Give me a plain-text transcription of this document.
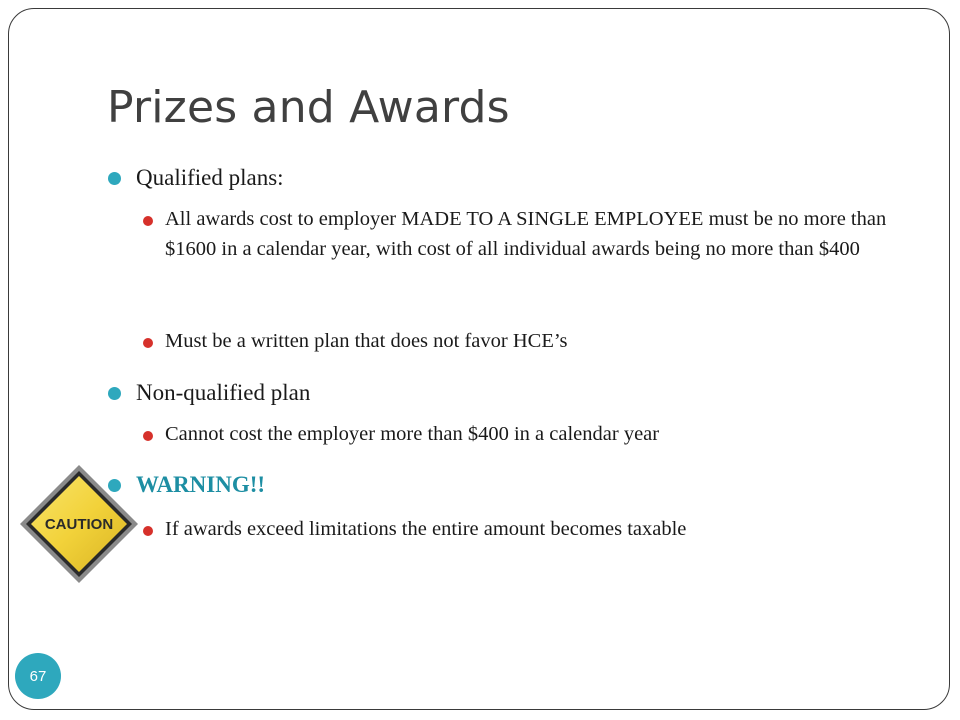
Prizes and Awards
Qualified plans:
All awards cost to employer MADE TO A SINGLE EMPLOYEE must be no more than $1600 in a calendar year, with cost of all individual awards being no more than $400
Must be a written plan that does not favor HCE’s
Non-qualified plan
Cannot cost the employer more than $400 in a calendar year
WARNING!!
If awards exceed limitations the entire amount becomes taxable
CAUTION
67
